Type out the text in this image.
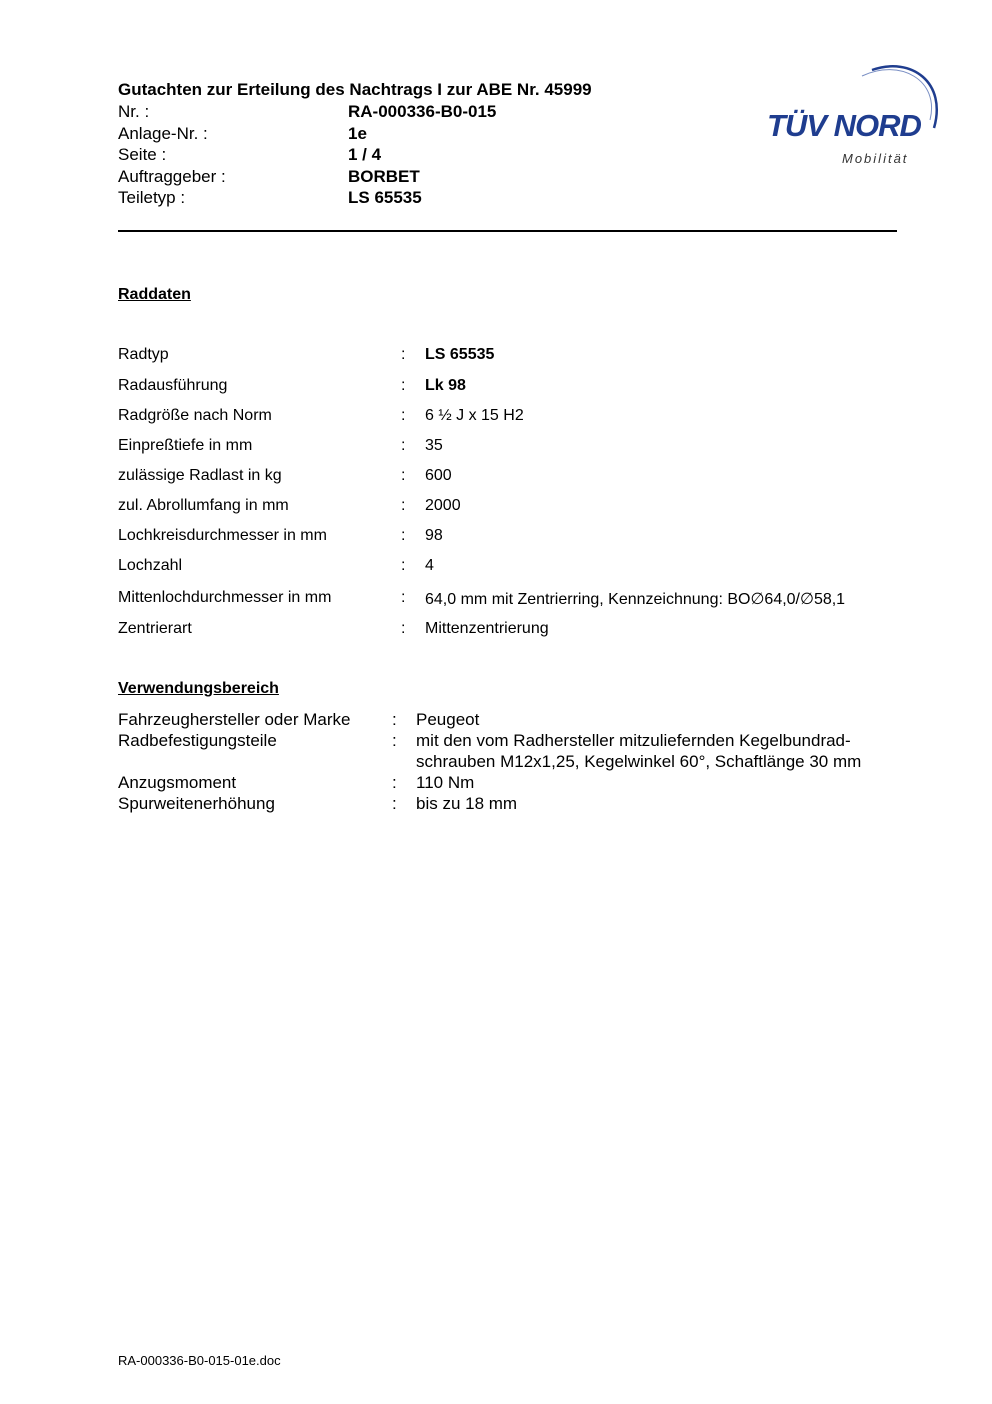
Gutachten zur Erteilung des Nachtrags I zur ABE Nr. 45999
Nr. :	RA-000336-B0-015
Anlage-Nr. :	1e
Seite :	1 / 4
Auftraggeber :	BORBET
Teiletyp :	LS 65535
TÜV NORD
Mobilität
Raddaten
Radtyp	: LS 65535
Radausführung	: Lk 98
Radgröße nach Norm	: 6 ½ J x 15 H2
Einpreßtiefe in mm	: 35
zulässige Radlast in kg	: 600
zul. Abrollumfang in mm	: 2000
Lochkreisdurchmesser in mm	: 98
Lochzahl	: 4
Mittenlochdurchmesser in mm	: 64,0 mm mit Zentrierring, Kennzeichnung: BO∅64,0/∅58,1
Zentrierart	: Mittenzentrierung
Verwendungsbereich
Fahrzeughersteller oder Marke : Peugeot
Radbefestigungsteile	: mit den vom Radhersteller mitzuliefernden Kegelbundrad-
schrauben M12x1,25, Kegelwinkel 60°, Schaftlänge 30 mm
Anzugsmoment	: 110 Nm
Spurweitenerhöhung	: bis zu 18 mm
RA-000336-B0-015-01e.doc
